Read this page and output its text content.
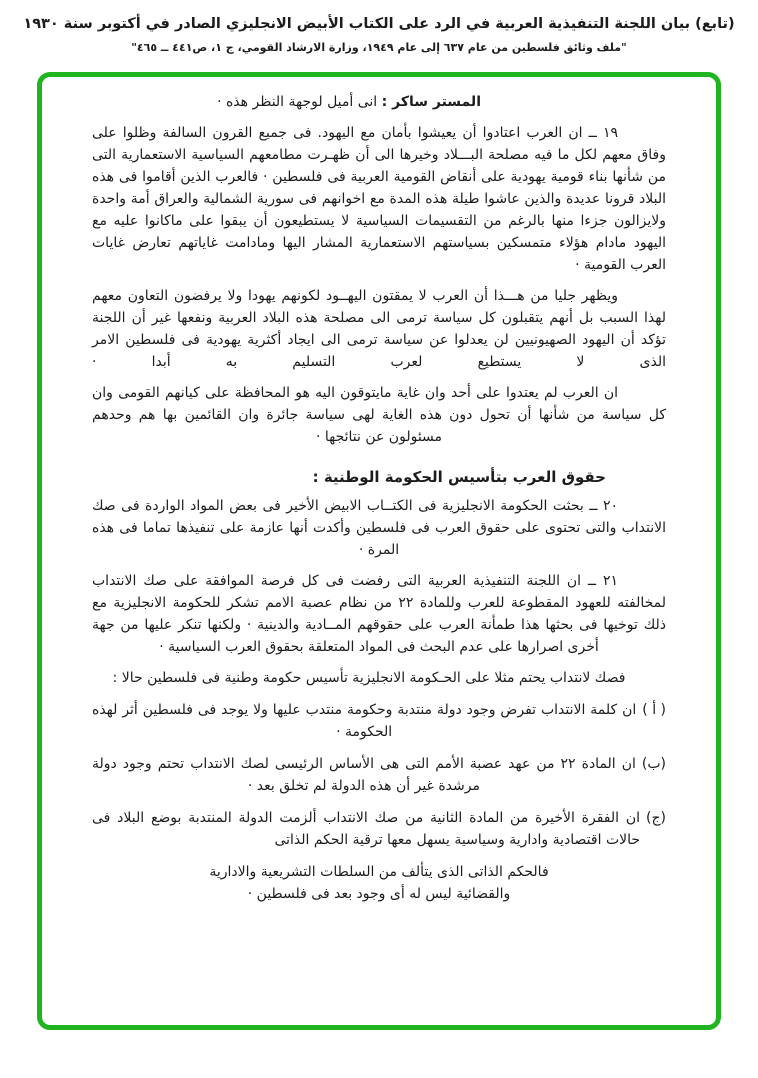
(تابع) بيان اللجنة التنفيذية العربية في الرد على الكتاب الأبيض الانجليزي الصادر في أكتوبر سنة ١٩٣٠
"ملف وثائق فلسطين من عام ٦٣٧ إلى عام ١٩٤٩، وزارة الارشاد القومي، ج ١، ص٤٤١ ــ ٤٦٥"

المستر ساكر : انى أميل لوجهة النظر هذه ·

١٩ ــ ان العرب اعتادوا أن يعيشوا بأمان مع اليهود. فى جميع القرون السالفة وظلوا على وفاق معهم لكل ما فيه مصلحة البـــلاد وخيرها الى أن ظهـرت مطامعهم السياسية الاستعمارية التى من شأنها بناء قومية يهودية على أنقاض القومية العربية فى فلسطين · فالعرب الذين أقاموا فى هذه البلاد قرونا عديدة والذين عاشوا طيلة هذه المدة مع اخوانهم فى سورية الشمالية والعراق أمة واحدة ولايزالون جزءا منها بالرغم من التقسيمات السياسية لا يستطيعون أن يبقوا على ماكانوا عليه مع اليهود مادام هؤلاء متمسكين بسياستهم الاستعمارية المشار اليها ومادامت غاياتهم تعارض غايات العرب القومية ·

ويظهر جليا من هـــذا أن العرب لا يمقتون اليهــود لكونهم يهودا ولا يرفضون التعاون معهم لهذا السبب بل أنهم يتقبلون كل سياسة ترمى الى مصلحة هذه البلاد العربية ونفعها غير أن اللجنة تؤكد أن اليهود الصهيونيين لن يعدلوا عن سياسة ترمى الى ايجاد أكثرية يهودية فى فلسطين الامر الذى لا يستطيع لعرب التسليم به أبدا ·

ان العرب لم يعتدوا على أحد وان غاية مايتوقون اليه هو المحافظة على كيانهم القومى وان كل سياسة من شأنها أن تحول دون هذه الغاية لهى سياسة جائرة وان القائمين بها هم وحدهم مسئولون عن نتائجها ·

حقوق العرب بتأسيس الحكومة الوطنية :

٢٠ ــ بحثت الحكومة الانجليزية فى الكتــاب الابيض الأخير فى بعض المواد الواردة فى صك الانتداب والتى تحتوى على حقوق العرب فى فلسطين وأكدت أنها عازمة على تنفيذها تماما فى هذه المرة ·

٢١ ــ ان اللجنة التنفيذية العربية التى رفضت فى كل فرصة الموافقة على صك الانتداب لمخالفته للعهود المقطوعة للعرب وللمادة ٢٢ من نظام عصبة الامم تشكر للحكومة الانجليزية مع ذلك توخيها فى بحثها هذا طمأنة العرب على حقوقهم المــادية والدينية · ولكنها تنكر عليها من جهة أخرى اصرارها على عدم البحث فى المواد المتعلقة بحقوق العرب السياسية ·

فصك لانتداب يحتم مثلا على الحـكومة الانجليزية تأسيس حكومة وطنية فى فلسطين حالا :

( أ )

ان كلمة الانتداب تفرض وجود دولة منتدبة وحكومة منتدب عليها ولا يوجد فى فلسطين أثر لهذه الحكومة ·

(ب)

ان المادة ٢٢ من عهد عصبة الأمم التى هى الأساس الرئيسى لصك الانتداب تحتم وجود دولة مرشدة غير أن هذه الدولة لم تخلق بعد ·

(ج)

ان الفقرة الأخيرة من المادة الثانية من صك الانتداب ألزمت الدولة المنتدبة بوضع البلاد فى حالات اقتصادية وادارية وسياسية يسهل معها ترقية الحكم الذاتى

فالحكم الذاتى الذى يتألف من السلطات التشريعية والادارية والقضائية ليس له أى وجود بعد فى فلسطين ·
